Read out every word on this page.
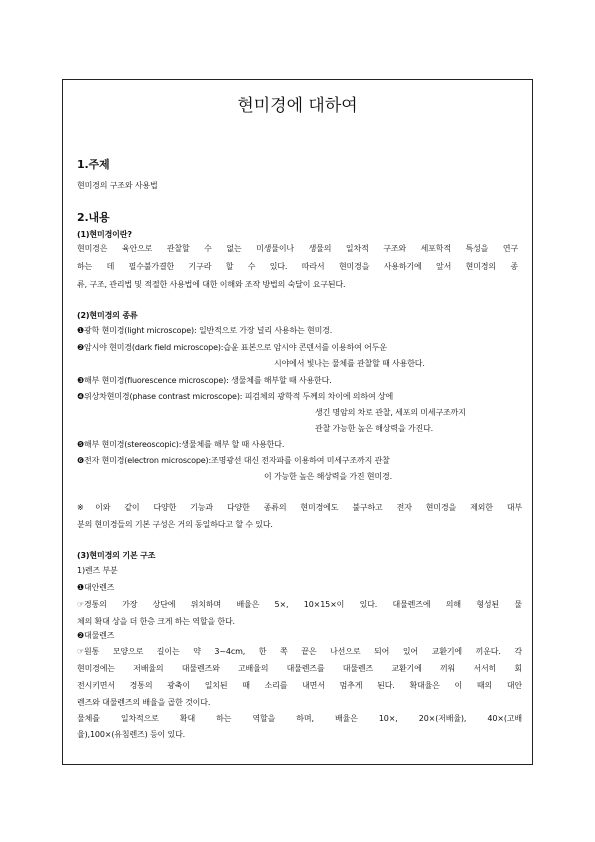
현미경에 대하여
1.주제
현미경의 구조와 사용법
2.내용
(1)현미경이란?
현미경은 육안으로 관찰할 수 없는 미생물이나 생물의 일차적 구조와 세포학적 특성을 연구
하는 데 필수불가결한 기구라 할 수 있다. 따라서 현미경을 사용하기에 앞서 현미경의 종
류, 구조, 관리법 및 적절한 사용법에 대한 이해와 조작 방법의 숙달이 요구된다.
(2)현미경의 종류
❶광학 현미경(light microscope): 일반적으로 가장 널리 사용하는 현미경.
❷암시야 현미경(dark field microscope):습윤 표본으로 암시야 콘덴서를 이용하여 어두운
시야에서 빛나는 물체를 관찰할 때 사용한다.
❸해부 현미경(fluorescence microscope): 생물체를 해부할 때 사용한다.
❹위상차현미경(phase contrast microscope): 피검체의 광학적 두께의 차이에 의하여 상에
생긴 명암의 차로 관찰, 세포의 미세구조까지
관찰 가능한 높은 해상력을 가진다.
❺해부 현미경(stereoscopic):생물체를 해부 할 때 사용한다.
❻전자 현미경(electron microscope):조명광선 대신 전자파를 이용하여 미세구조까지 관찰
이 가능한 높은 해상력을 가진 현미경.
※이와 같이 다양한 기능과 다양한 종류의 현미경에도 불구하고 전자 현미경을 제외한 대부
분의 현미경들의 기본 구성은 거의 동일하다고 할 수 있다.
(3)현미경의 기본 구조
1)렌즈 부분
❶대안렌즈
☞경통의 가장 상단에 위치하며 배율은 5×, 10×15×이 있다. 대물렌즈에 의해 형성된 물
체의 확대 상을 더 한층 크게 하는 역할을 한다.
❷대물렌즈
☞원통 모양으로 길이는 약 3~4cm, 한 쪽 끝은 나선으로 되어 있어 교환기에 끼운다. 각
현미경에는 저배율의 대물렌즈와 고배율의 대물렌즈를 대물렌즈 교환기에 끼워 서서히 회
전시키면서 경통의 광축이 일치된 때 소리를 내면서 멈추게 된다. 확대율은 이 때의 대안
렌즈와 대물렌즈의 배율을 곱한 것이다.
물체를 일차적으로 확대 하는 역할을 하며, 배율은 10×, 20×(저배율), 40×(고배
율),100×(유침렌즈) 등이 있다.
